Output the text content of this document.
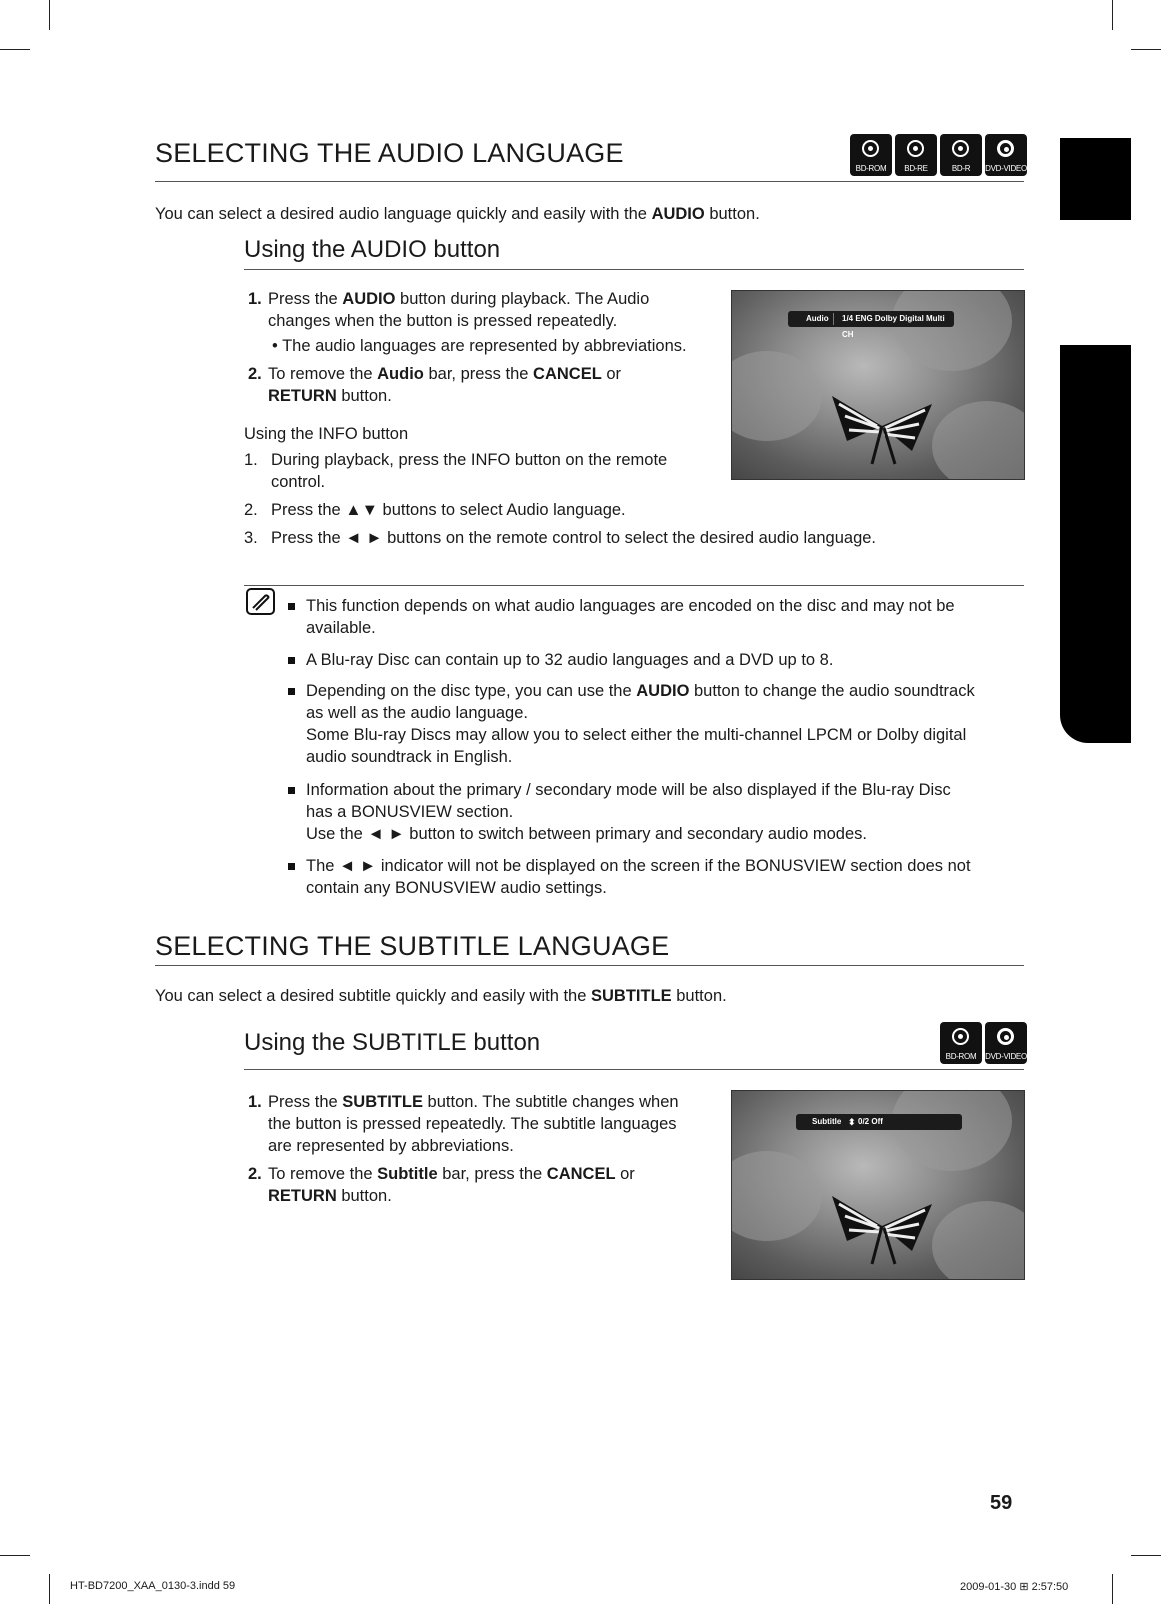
SELECTING THE AUDIO LANGUAGE
BD-ROM	BD-RE	BD-R	DVD-VIDEO
You can select a desired audio language quickly and easily with the AUDIO button.
Using the AUDIO button
1. Press the AUDIO button during playback. The Audio
changes when the button is pressed repeatedly.
• The audio languages are represented by abbreviations.
2. To remove the Audio bar, press the CANCEL or
RETURN button.
Using the INFO button
1. During playback, press the INFO button on the remote
control.
2. Press the ▲▼ buttons to select Audio language.
3. Press the ◄ ► buttons on the remote control to select the desired audio language.
Audio 1/4 ENG Dolby Digital Multi CH
This function depends on what audio languages are encoded on the disc and may not be
available.
A Blu-ray Disc can contain up to 32 audio languages and a DVD up to 8.
Depending on the disc type, you can use the AUDIO button to change the audio soundtrack
as well as the audio language.
Some Blu-ray Discs may allow you to select either the multi-channel LPCM or Dolby digital
audio soundtrack in English.
Information about the primary / secondary mode will be also displayed if the Blu-ray Disc
has a BONUSVIEW section.
Use the ◄ ► button to switch between primary and secondary audio modes.
The ◄ ► indicator will not be displayed on the screen if the BONUSVIEW section does not
contain any BONUSVIEW audio settings.
SELECTING THE SUBTITLE LANGUAGE
You can select a desired subtitle quickly and easily with the SUBTITLE button.
Using the SUBTITLE button
BD-ROM	DVD-VIDEO
1. Press the SUBTITLE button. The subtitle changes when
the button is pressed repeatedly. The subtitle languages
are represented by abbreviations.
2. To remove the Subtitle bar, press the CANCEL or
RETURN button.
Subtitle ⬍ 0/2 Off
59
HT-BD7200_XAA_0130-3.indd 59	2009-01-30 ⊞ 2:57:50
